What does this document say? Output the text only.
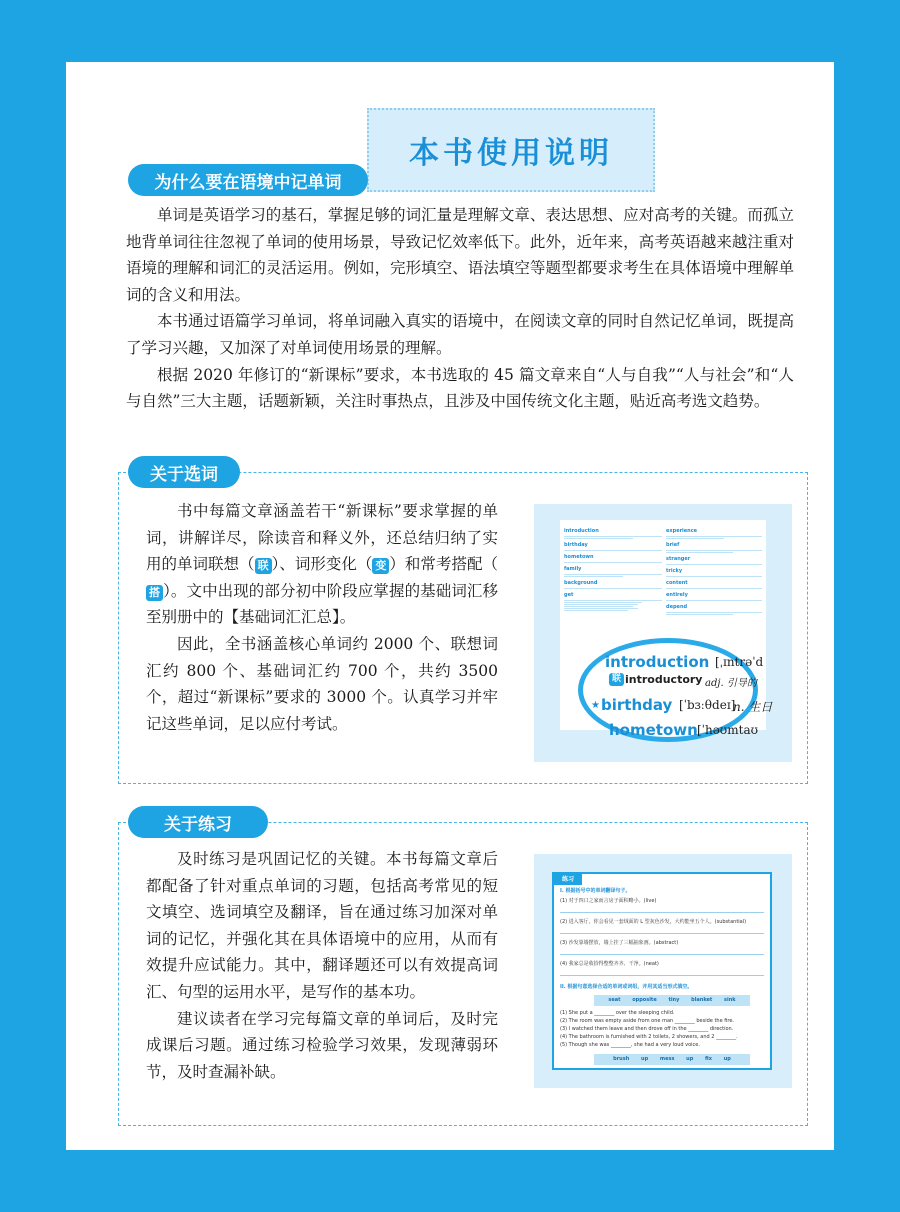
本书使用说明
为什么要在语境中记单词

单词是英语学习的基石，掌握足够的词汇量是理解文章、表达思想、应对高考的关键。而孤立地背单词往往忽视了单词的使用场景，导致记忆效率低下。此外，近年来，高考英语越来越注重对语境的理解和词汇的灵活运用。例如，完形填空、语法填空等题型都要求考生在具体语境中理解单词的含义和用法。

本书通过语篇学习单词，将单词融入真实的语境中，在阅读文章的同时自然记忆单词，既提高了学习兴趣，又加深了对单词使用场景的理解。

根据 2020 年修订的“新课标”要求，本书选取的 45 篇文章来自“人与自我”“人与社会”和“人与自然”三大主题，话题新颖，关注时事热点，且涉及中国传统文化主题，贴近高考选文趋势。

关于选词

书中每篇文章涵盖若干“新课标”要求掌握的单词，讲解详尽，除读音和释义外，还总结归纳了实用的单词联想（ 联 ）、词形变化（ 变 ）和常考搭配（搭 ）。文中出现的部分初中阶段应掌握的基础词汇移至别册中的【基础词汇汇总】。

因此，全书涵盖核心单词约 2000 个、联想词汇约 800 个、基础词汇约 700 个，共约 3500 个，超过“新课标”要求的 3000 个。认真学习并牢记这些单词，足以应付考试。

introduction
birthday
hometown
family
background
get
experience
brief
stranger
tricky
content
entirely
depend
introduction [ˌɪntrəˈd
联 introductory adj. 引导的
★ birthday [ˈbɜːθdeɪ]
n. 生日
hometown [ˈhəʊmtaʊ
关于练习

及时练习是巩固记忆的关键。本书每篇文章后都配备了针对重点单词的习题，包括高考常见的短文填空、选词填空及翻译，旨在通过练习加深对单词的记忆，并强化其在具体语境中的应用，从而有效提升应试能力。其中，翻译题还可以有效提高词汇、句型的运用水平，是写作的基本功。

建议读者在学习完每篇文章的单词后，及时完成课后习题。通过练习检验学习效果，发现薄弱环节，及时查漏补缺。

练习
I. 根据括号中的单词翻译句子。
(1) 对于四口之家而言房子面积略小。(live)
(2) 进入客厅，你会看见一套绒面的 L 型灰色沙发，大约能坐五个人。(substantial)
(3) 沙发靠墙摆放，墙上挂了三幅抽象画。(abstract)
(4) 我家总是收拾得整整齐齐、干净。(neat)
II. 根据句意选择合适的单词或词组，并用其适当形式填空。
seat opposite tiny blanket sink
(1) She put a ________ over the sleeping child.
(2) The room was empty aside from one man ________ beside the fire.
(3) I watched them leave and then drove off in the ________ direction.
(4) The bathroom is furnished with 2 toilets, 2 showers, and 2 ________.
(5) Though she was ________, she had a very loud voice.
brush up mess up fix up
